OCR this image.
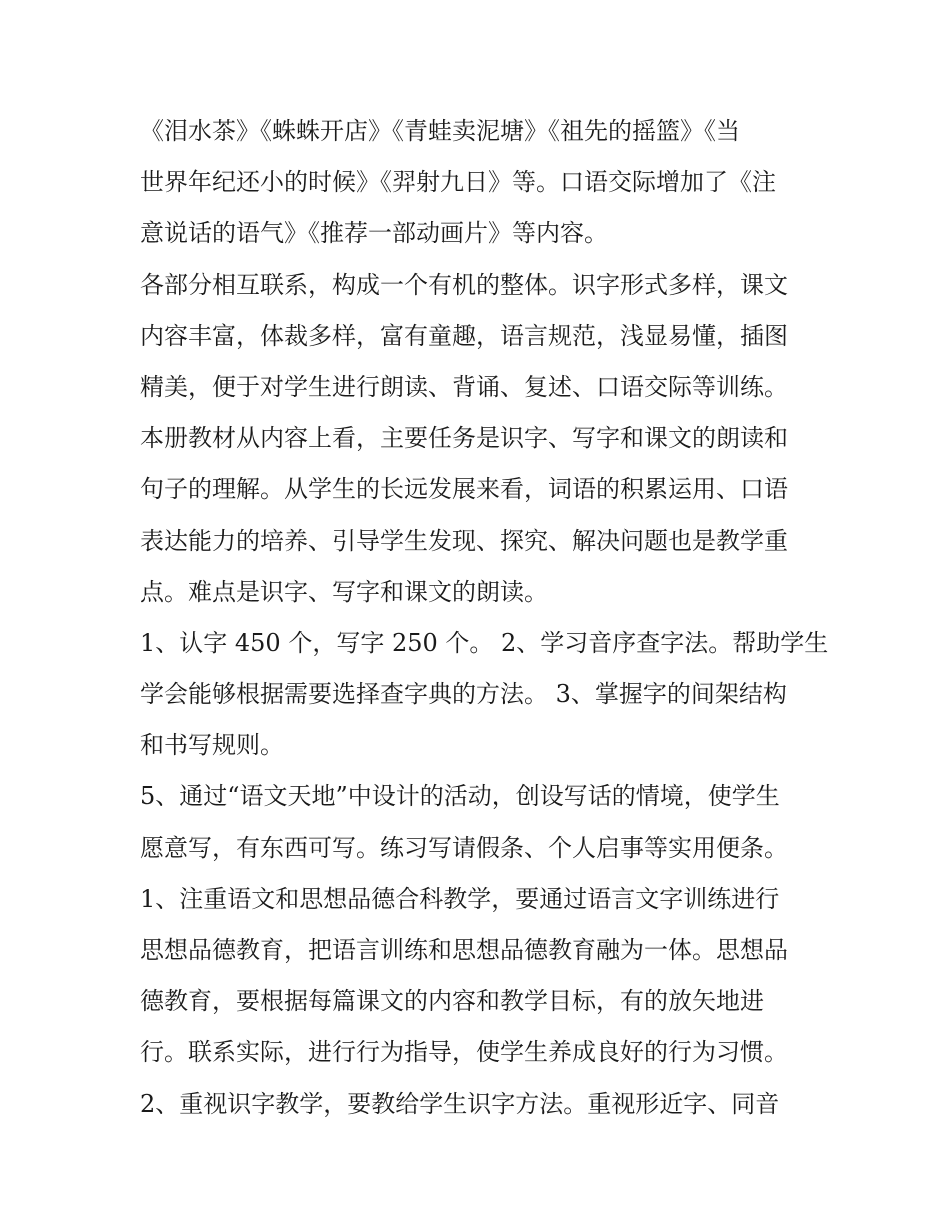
《泪水茶》《蛛蛛开店》《青蛙卖泥塘》《祖先的摇篮》《当
世界年纪还小的时候》《羿射九日》等。口语交际增加了《注
意说话的语气》《推荐一部动画片》等内容。
各部分相互联系，构成一个有机的整体。识字形式多样，课文
内容丰富，体裁多样，富有童趣，语言规范，浅显易懂，插图
精美，便于对学生进行朗读、背诵、复述、口语交际等训练。
本册教材从内容上看，主要任务是识字、写字和课文的朗读和
句子的理解。从学生的长远发展来看，词语的积累运用、口语
表达能力的培养、引导学生发现、探究、解决问题也是教学重
点。难点是识字、写字和课文的朗读。
1、认字 450 个，写字 250 个。 2、学习音序查字法。帮助学生
学会能够根据需要选择查字典的方法。 3、掌握字的间架结构
和书写规则。
5、通过“语文天地”中设计的活动，创设写话的情境，使学生
愿意写，有东西可写。练习写请假条、个人启事等实用便条。
1、注重语文和思想品德合科教学，要通过语言文字训练进行
思想品德教育，把语言训练和思想品德教育融为一体。思想品
德教育，要根据每篇课文的内容和教学目标，有的放矢地进
行。联系实际，进行行为指导，使学生养成良好的行为习惯。
2、重视识字教学，要教给学生识字方法。重视形近字、同音
